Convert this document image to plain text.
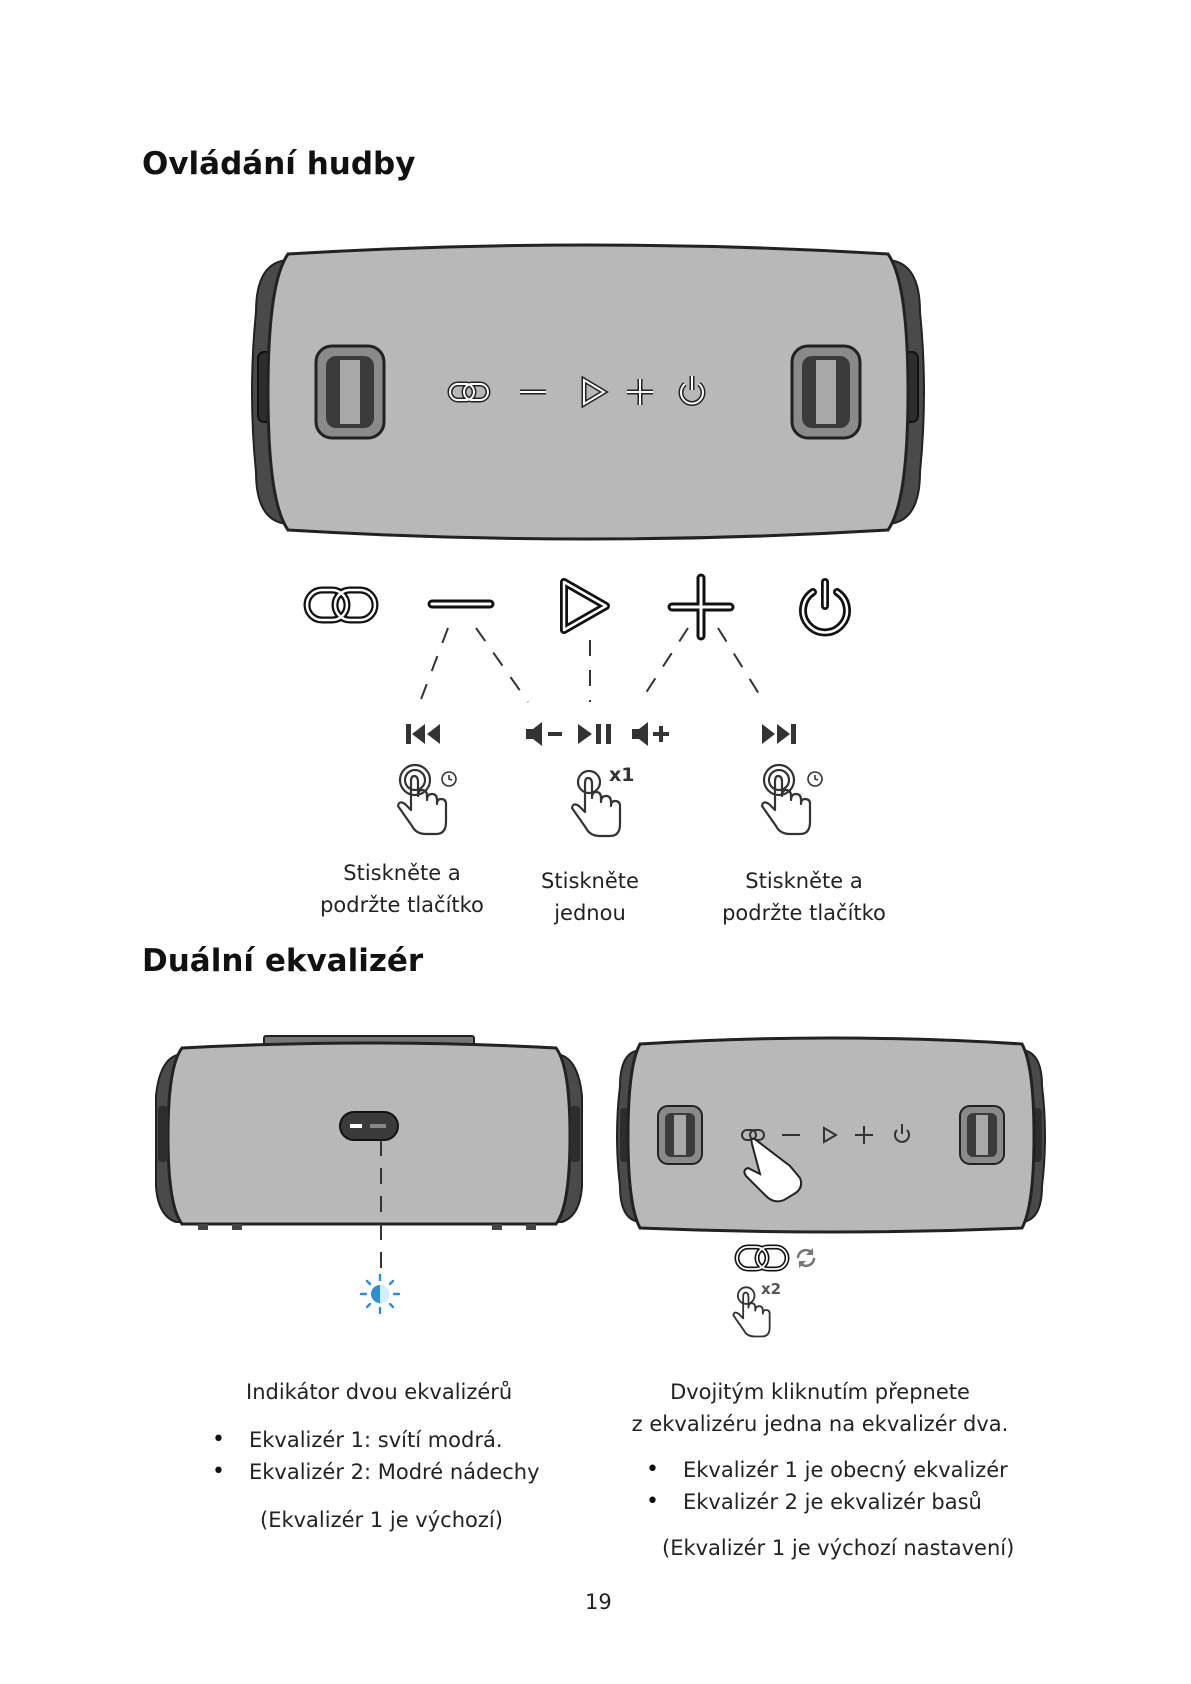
Ovládání hudby
x1
Stiskněte a podržte tlačítko
Stiskněte jednou
Stiskněte a podržte tlačítko
Duální ekvalizér
x2
Indikátor dvou ekvalizérů
• Ekvalizér 1: svítí modrá.
• Ekvalizér 2: Modré nádechy
(Ekvalizér 1 je výchozí)
Dvojitým kliknutím přepnete
z ekvalizéru jedna na ekvalizér dva.
• Ekvalizér 1 je obecný ekvalizér
• Ekvalizér 2 je ekvalizér basů
(Ekvalizér 1 je výchozí nastavení)
19
